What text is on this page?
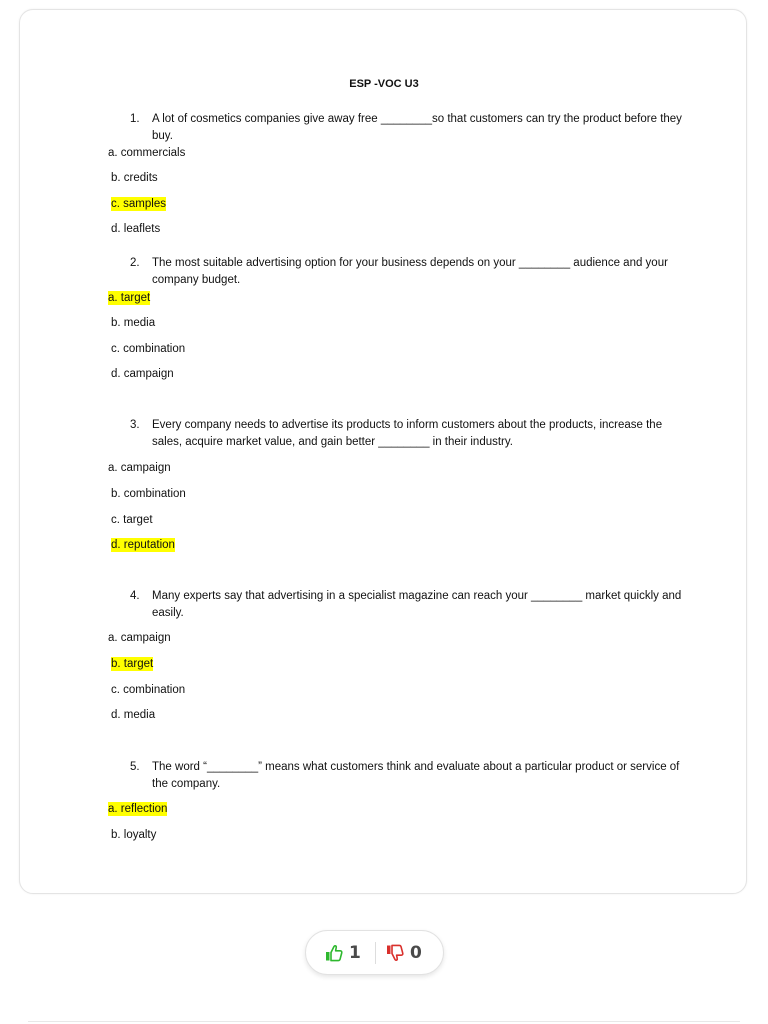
ESP -VOC U3
1. A lot of cosmetics companies give away free ________so that customers can try the product before they buy.
a. commercials
b. credits
c. samples
d. leaflets
2. The most suitable advertising option for your business depends on your ________ audience and your company budget.
a. target
b. media
c. combination
d. campaign
3. Every company needs to advertise its products to inform customers about the products, increase the sales, acquire market value, and gain better ________ in their industry.
a. campaign
b. combination
c. target
d. reputation
4. Many experts say that advertising in a specialist magazine can reach your ________ market quickly and easily.
a. campaign
b. target
c. combination
d. media
5. The word “________” means what customers think and evaluate about a particular product or service of the company.
a. reflection
b. loyalty
1	0
